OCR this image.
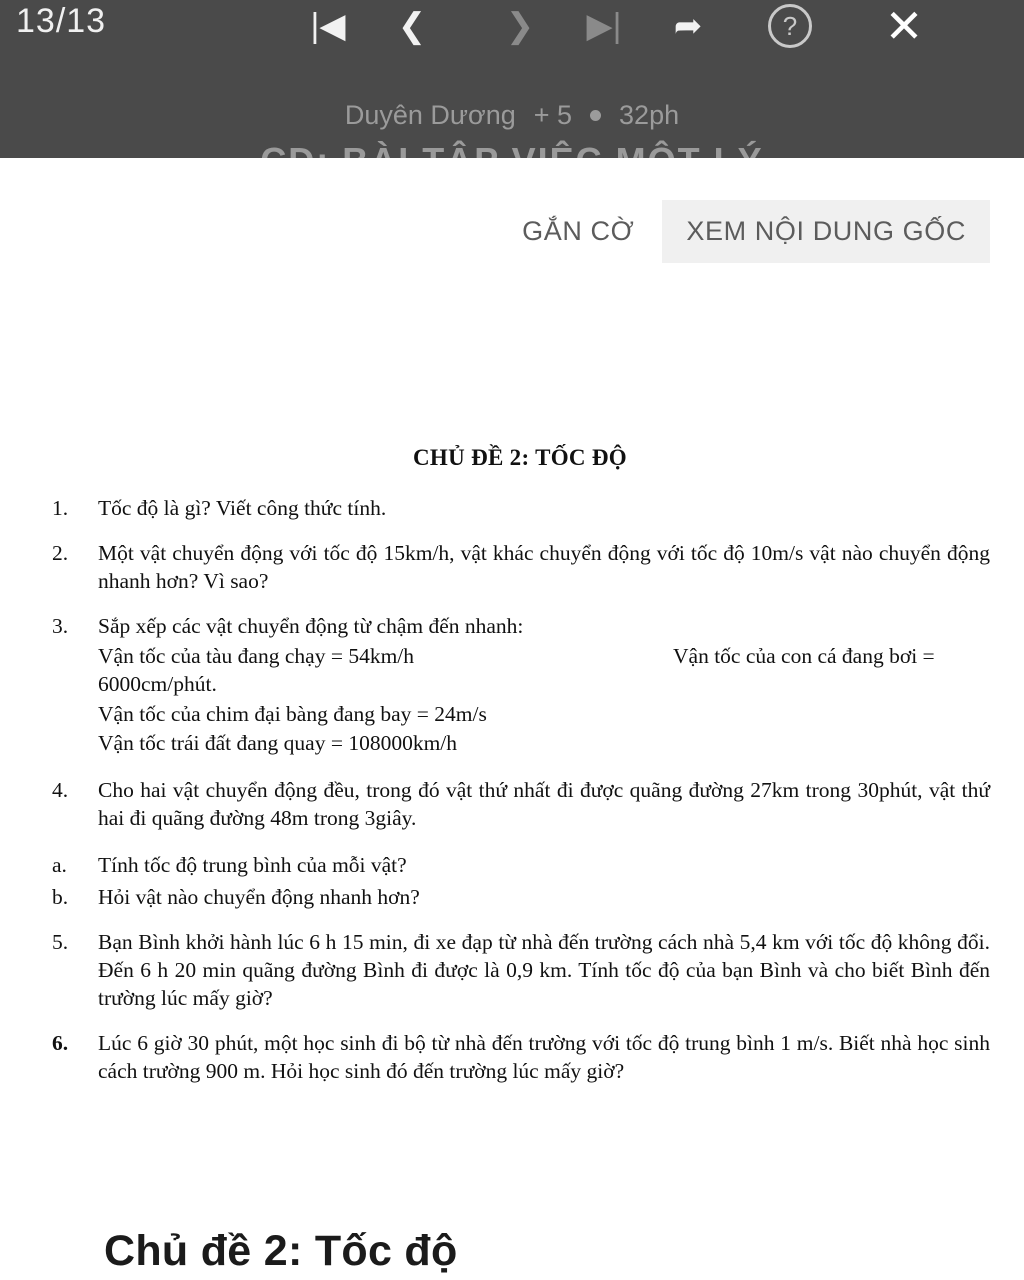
13/13	|◀	❮	❯	▶|	➦	?	✕
Duyên Dương + 5 32ph
GẮN CỜ	XEM NỘI DUNG GỐC
CHỦ ĐỀ 2: TỐC ĐỘ
1.	Tốc độ là gì? Viết công thức tính.
2.	Một vật chuyển động với tốc độ 15km/h, vật khác chuyển động với tốc độ 10m/s vật nào chuyển động nhanh hơn? Vì sao?
3.	Sắp xếp các vật chuyển động từ chậm đến nhanh:
Vận tốc của tàu đang chạy = 54km/h	Vận tốc của con cá đang bơi =
6000cm/phút.
Vận tốc của chim đại bàng đang bay = 24m/s
Vận tốc trái đất đang quay = 108000km/h
4.	Cho hai vật chuyển động đều, trong đó vật thứ nhất đi được quãng đường 27km trong 30phút, vật thứ hai đi quãng đường 48m trong 3giây.
a.	Tính tốc độ trung bình của mỗi vật?
b.	Hỏi vật nào chuyển động nhanh hơn?
5.	Bạn Bình khởi hành lúc 6 h 15 min, đi xe đạp từ nhà đến trường cách nhà 5,4 km với tốc độ không đổi. Đến 6 h 20 min quãng đường Bình đi được là 0,9 km. Tính tốc độ của bạn Bình và cho biết Bình đến trường lúc mấy giờ?
6.	Lúc 6 giờ 30 phút, một học sinh đi bộ từ nhà đến trường với tốc độ trung bình 1 m/s. Biết nhà học sinh cách trường 900 m. Hỏi học sinh đó đến trường lúc mấy giờ?
Chủ đề 2: Tốc độ
